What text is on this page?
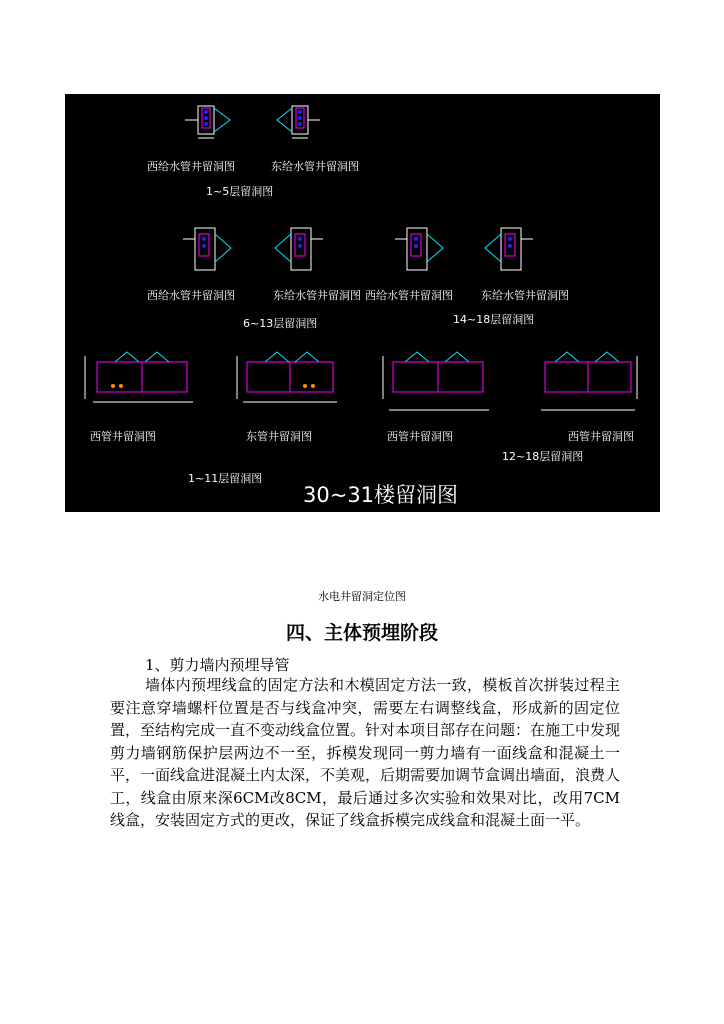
西给水管井留洞图	东给水管井留洞图
1~5层留洞图
西给水管井留洞图	东给水管井留洞图 西给水管井留洞图	东给水管井留洞图
6~13层留洞图	14~18层留洞图
西管井留洞图	东管井留洞图	西管井留洞图	西管井留洞图
12~18层留洞图
1~11层留洞图
30~31楼留洞图
水电井留洞定位图
四、主体预埋阶段
1、剪力墙内预埋导管
墙体内预埋线盒的固定方法和木模固定方法一致，模板首次拼装过程主要注意穿墙螺杆位置是否与线盒冲突，需要左右调整线盒，形成新的固定位置，至结构完成一直不变动线盒位置。针对本项目部存在问题：在施工中发现剪力墙钢筋保护层两边不一至，拆模发现同一剪力墙有一面线盒和混凝土一平，一面线盒进混凝土内太深，不美观，后期需要加调节盒调出墙面，浪费人工，线盒由原来深6CM改8CM，最后通过多次实验和效果对比，改用7CM线盒，安装固定方式的更改，保证了线盒拆模完成线盒和混凝土面一平。
